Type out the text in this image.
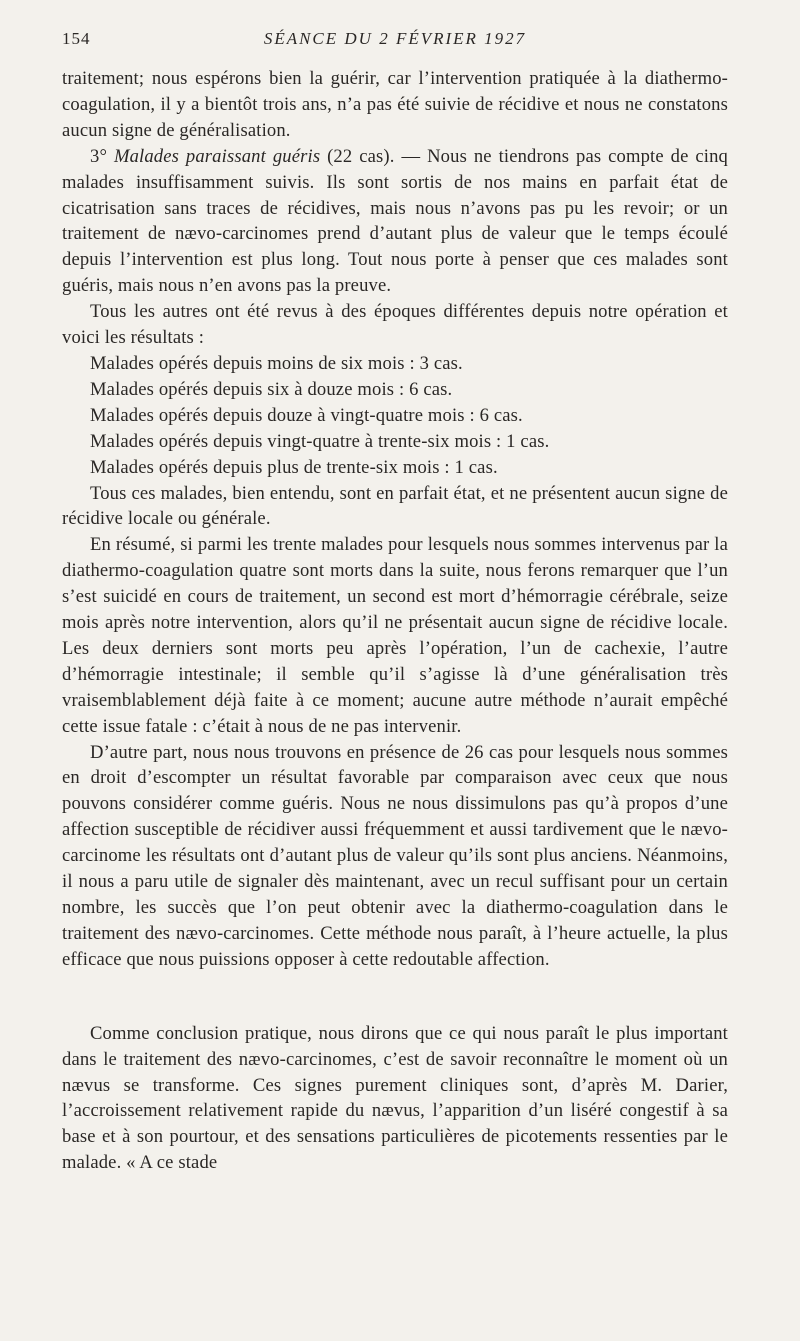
154	SÉANCE DU 2 FÉVRIER 1927

traitement; nous espérons bien la guérir, car l’intervention pratiquée à la diathermo-coagulation, il y a bientôt trois ans, n’a pas été suivie de récidive et nous ne constatons aucun signe de généralisation.

3° Malades paraissant guéris (22 cas). — Nous ne tiendrons pas compte de cinq malades insuffisamment suivis. Ils sont sortis de nos mains en parfait état de cicatrisation sans traces de récidives, mais nous n’avons pas pu les revoir; or un traitement de nævo-carcinomes prend d’autant plus de valeur que le temps écoulé depuis l’intervention est plus long. Tout nous porte à penser que ces malades sont guéris, mais nous n’en avons pas la preuve.

Tous les autres ont été revus à des époques différentes depuis notre opération et voici les résultats :

Malades opérés depuis moins de six mois : 3 cas.

Malades opérés depuis six à douze mois : 6 cas.

Malades opérés depuis douze à vingt-quatre mois : 6 cas.

Malades opérés depuis vingt-quatre à trente-six mois : 1 cas.

Malades opérés depuis plus de trente-six mois : 1 cas.

Tous ces malades, bien entendu, sont en parfait état, et ne présentent aucun signe de récidive locale ou générale.

En résumé, si parmi les trente malades pour lesquels nous sommes intervenus par la diathermo-coagulation quatre sont morts dans la suite, nous ferons remarquer que l’un s’est suicidé en cours de traitement, un second est mort d’hémorragie cérébrale, seize mois après notre intervention, alors qu’il ne présentait aucun signe de récidive locale. Les deux derniers sont morts peu après l’opération, l’un de cachexie, l’autre d’hémorragie intestinale; il semble qu’il s’agisse là d’une généralisation très vraisemblablement déjà faite à ce moment; aucune autre méthode n’aurait empêché cette issue fatale : c’était à nous de ne pas intervenir.

D’autre part, nous nous trouvons en présence de 26 cas pour lesquels nous sommes en droit d’escompter un résultat favorable par comparaison avec ceux que nous pouvons considérer comme guéris. Nous ne nous dissimulons pas qu’à propos d’une affection susceptible de récidiver aussi fréquemment et aussi tardivement que le nævo-carcinome les résultats ont d’autant plus de valeur qu’ils sont plus anciens. Néanmoins, il nous a paru utile de signaler dès maintenant, avec un recul suffisant pour un certain nombre, les succès que l’on peut obtenir avec la diathermo-coagulation dans le traitement des nævo-carcinomes. Cette méthode nous paraît, à l’heure actuelle, la plus efficace que nous puissions opposer à cette redoutable affection.

Comme conclusion pratique, nous dirons que ce qui nous paraît le plus important dans le traitement des nævo-carcinomes, c’est de savoir reconnaître le moment où un nævus se transforme. Ces signes purement cliniques sont, d’après M. Darier, l’accroissement relativement rapide du nævus, l’apparition d’un liséré congestif à sa base et à son pourtour, et des sensations particulières de picotements ressenties par le malade. « A ce stade
